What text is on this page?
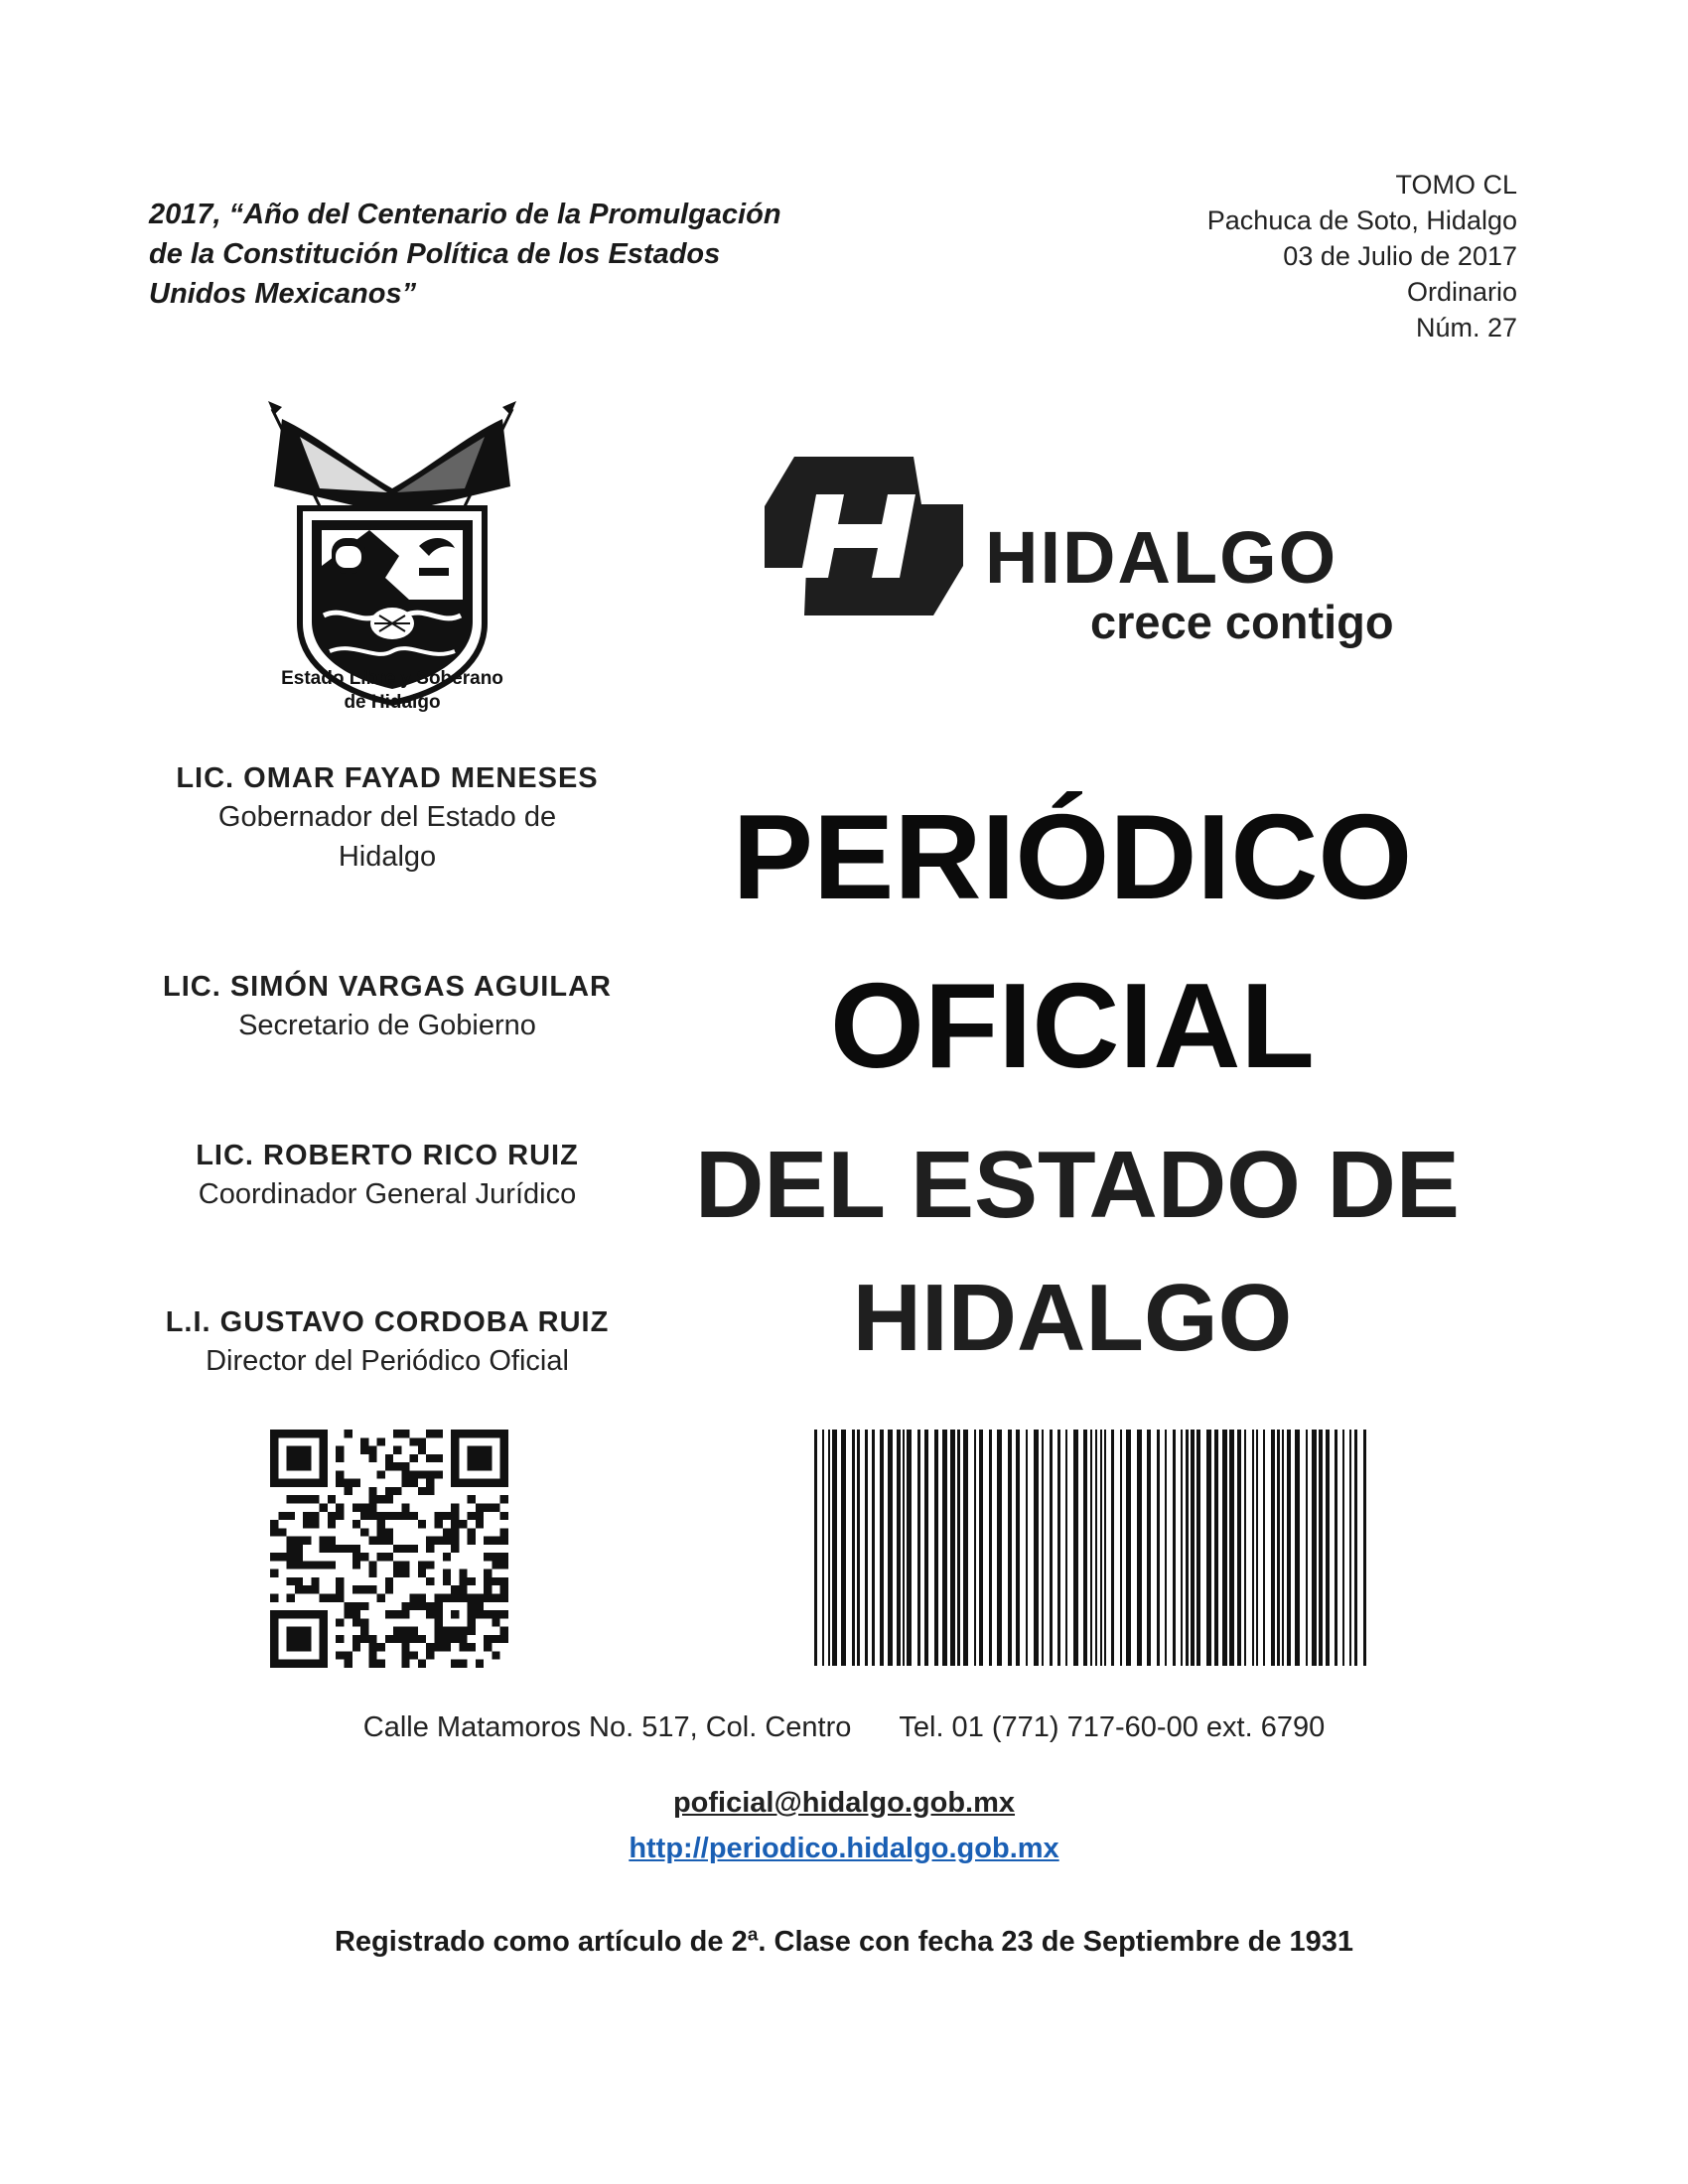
2017, “Año del Centenario de la Promulgación
de la Constitución Política de los Estados
Unidos Mexicanos”
TOMO CL
Pachuca de Soto, Hidalgo
03 de Julio de 2017
Ordinario
Núm. 27
Estado Libre y Soberano
de Hidalgo
HIDALGO
crece contigo
LIC. OMAR FAYAD MENESES
Gobernador del Estado de
Hidalgo
LIC. SIMÓN VARGAS AGUILAR
Secretario de Gobierno
LIC. ROBERTO RICO RUIZ
Coordinador General Jurídico
L.I. GUSTAVO CORDOBA RUIZ
Director del Periódico Oficial
PERIÓDICO
OFICIAL
DEL ESTADO DE
HIDALGO
Calle Matamoros No. 517, Col. Centro Tel. 01 (771) 717-60-00 ext. 6790
poficial@hidalgo.gob.mx
http://periodico.hidalgo.gob.mx
Registrado como artículo de 2ª. Clase con fecha 23 de Septiembre de 1931
